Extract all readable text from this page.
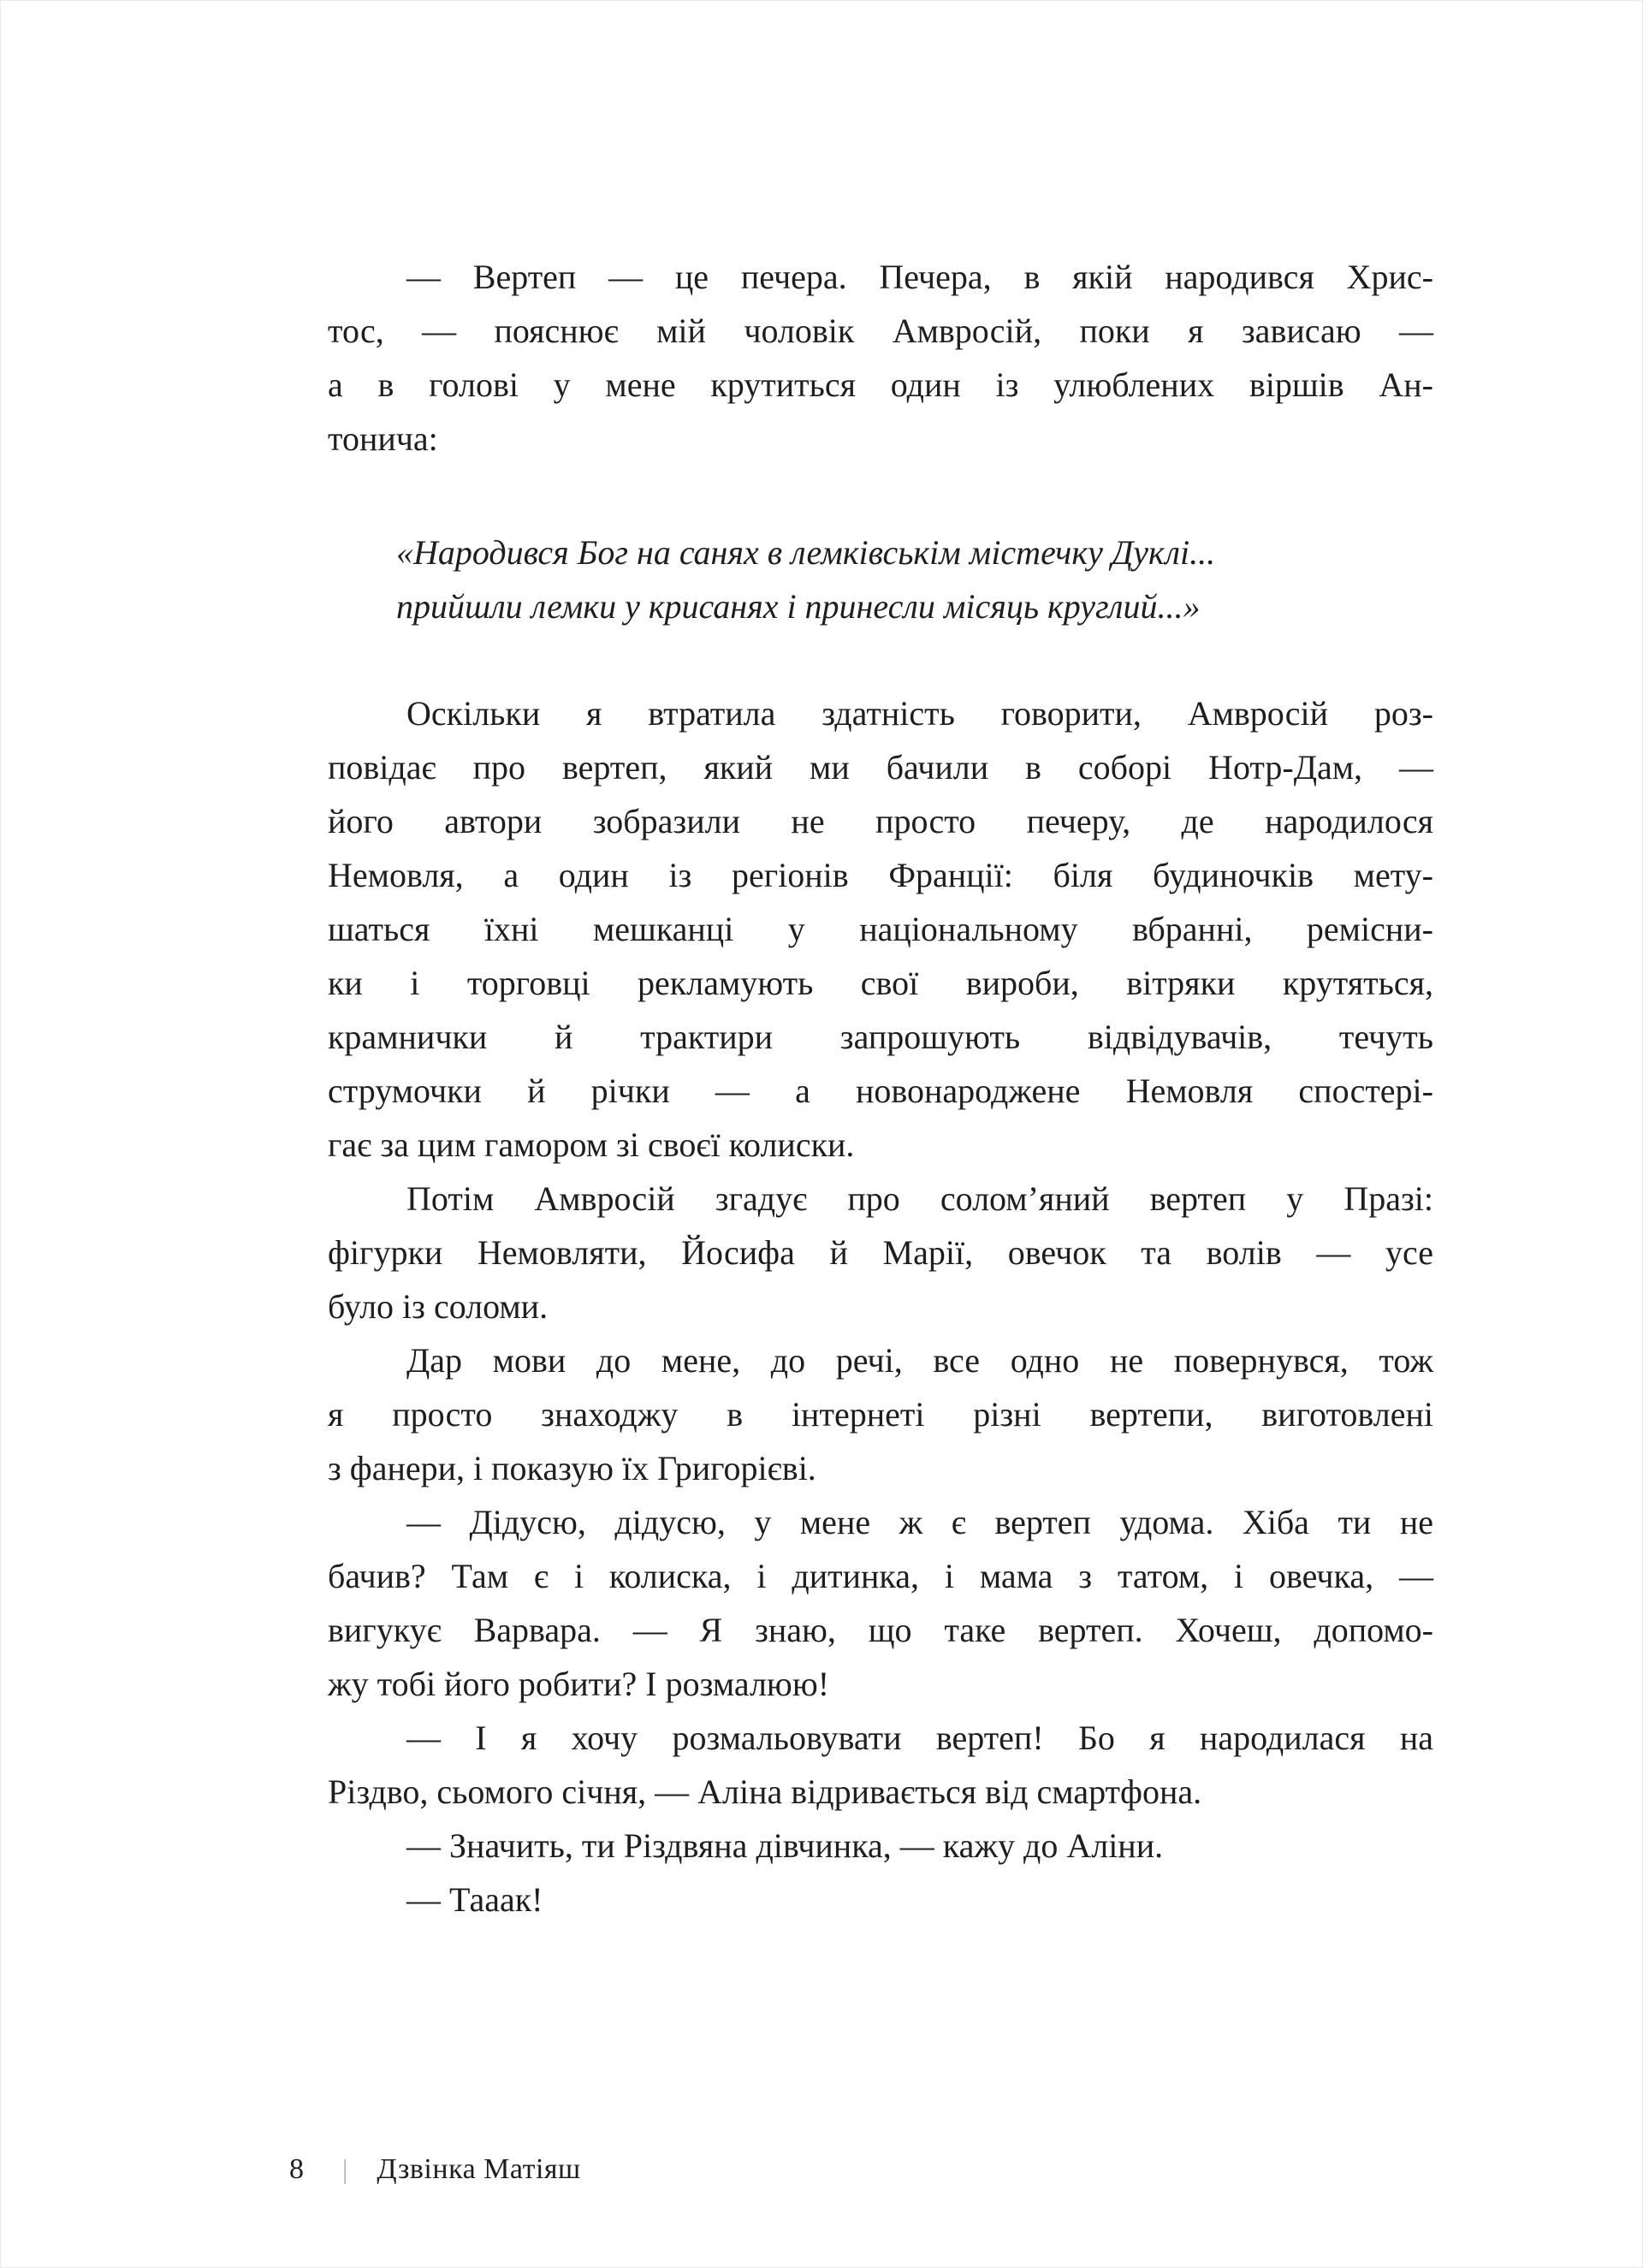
— Вертеп — це печера. Печера, в якій народився Хрис-
тос, — пояснює мій чоловік Амвросій, поки я зависаю —
а в голові у мене крутиться один із улюблених віршів Ан-
тонича:
«Народився Бог на санях в лемківськім містечку Дуклі...
прийшли лемки у крисанях і принесли місяць круглий...»
Оскільки я втратила здатність говорити, Амвросій роз-
повідає про вертеп, який ми бачили в соборі Нотр-Дам, —
його автори зобразили не просто печеру, де народилося
Немовля, а один із регіонів Франції: біля будиночків мету-
шаться їхні мешканці у національному вбранні, ремісни-
ки і торговці рекламують свої вироби, вітряки крутяться,
крамнички й трактири запрошують відвідувачів, течуть
струмочки й річки — а новонароджене Немовля спостері-
гає за цим гамором зі своєї колиски.
Потім Амвросій згадує про солом’яний вертеп у Празі:
фігурки Немовляти, Йосифа й Марії, овечок та волів — усе
було із соломи.
Дар мови до мене, до речі, все одно не повернувся, тож
я просто знаходжу в інтернеті різні вертепи, виготовлені
з фанери, і показую їх Григорієві.
— Дідусю, дідусю, у мене ж є вертеп удома. Хіба ти не
бачив? Там є і колиска, і дитинка, і мама з татом, і овечка, —
вигукує Варвара. — Я знаю, що таке вертеп. Хочеш, допомо-
жу тобі його робити? І розмалюю!
— І я хочу розмальовувати вертеп! Бо я народилася на
Різдво, сьомого січня, — Аліна відривається від смартфона.
— Значить, ти Різдвяна дівчинка, — кажу до Аліни.
— Тааак!
8	| Дзвінка Матіяш
